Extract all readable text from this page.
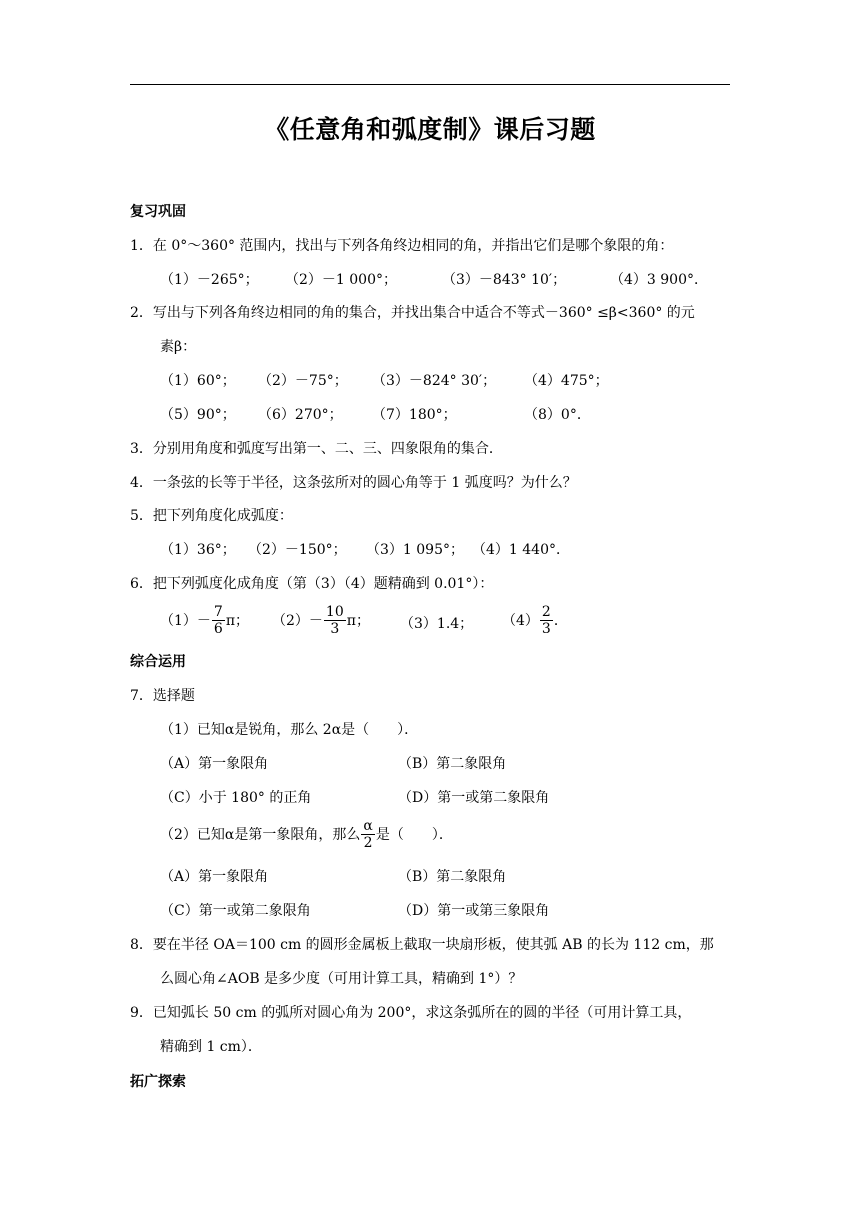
《任意角和弧度制》课后习题
复习巩固
1．在 0°～360° 范围内，找出与下列各角终边相同的角，并指出它们是哪个象限的角：
（1）－265°； （2）－1 000°；	（3）－843° 10′；	（4）3 900°．
2．写出与下列各角终边相同的角的集合，并找出集合中适合不等式－360° ≤β<360° 的元
素β：
（1）60°； （2）－75°； （3）－824° 30′； （4）475°；
（5）90°； （6）270°； （7）180°；	（8）0°．
3．分别用角度和弧度写出第一、二、三、四象限角的集合．
4．一条弦的长等于半径，这条弦所对的圆心角等于 1 弧度吗？为什么？
5．把下列角度化成弧度：
（1）36°； （2）－150°； （3）1 095°； （4）1 440°．
6．把下列弧度化成角度（第（3）（4）题精确到 0.01°）：
$(1)- \frac{7}{6}$ π； $(2)- \frac{10}{3}$ π； （3）1.4； $(4) \frac{2}{3}$ ．
综合运用
7．选择题
（1）已知α是锐角，那么 2α是（　　）．
（A）第一象限角	（B）第二象限角
（C）小于 180° 的正角	（D）第一或第二象限角
（2）已知α是第一象限角，那么 $\frac{\alpha}{2}$ 是（　　）．
（A）第一象限角	（B）第二象限角
（C）第一或第二象限角	（D）第一或第三象限角
8．要在半径 OA＝100 cm 的圆形金属板上截取一块扇形板，使其弧 AB 的长为 112 cm，那
么圆心角∠AOB 是多少度（可用计算工具，精确到 1°）？
9．已知弧长 50 cm 的弧所对圆心角为 200°，求这条弧所在的圆的半径（可用计算工具，
精确到 1 cm）．
拓广探索
